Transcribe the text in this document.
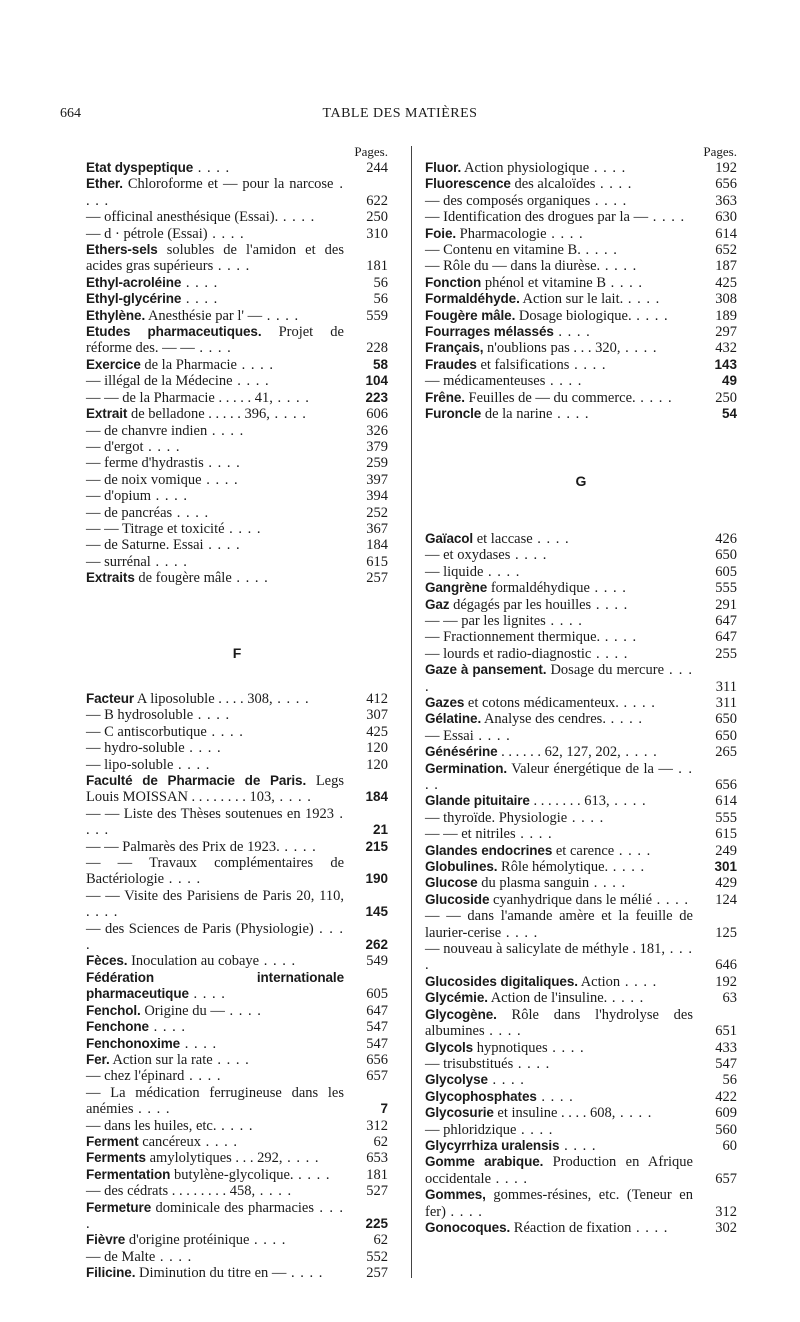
664	TABLE DES MATIÈRES
Pages.
Etat dyspeptique . . . .	244
Ether. Chloroforme et — pour la narcose . . . .	622
— officinal anesthésique (Essai). . . . .	250
— d · pétrole (Essai) . . . .	310
Ethers-sels solubles de l'amidon et des acides gras supérieurs . . . .	181
Ethyl-acroléine . . . .	56
Ethyl-glycérine . . . .	56
Ethylène. Anesthésie par l' — . . . .	559
Etudes pharmaceutiques. Projet de réforme des. — — . . . .	228
Exercice de la Pharmacie . . . .	58
— illégal de la Médecine . . . .	104
— — de la Pharmacie . . . . . 41, . . . .	223
Extrait de belladone . . . . . 396, . . . .	606
— de chanvre indien . . . .	326
— d'ergot . . . .	379
— ferme d'hydrastis . . . .	259
— de noix vomique . . . .	397
— d'opium . . . .	394
— de pancréas . . . .	252
— — Titrage et toxicité . . . .	367
— de Saturne. Essai . . . .	184
— surrénal . . . .	615
Extraits de fougère mâle . . . .	257
F
Facteur A liposoluble . . . . 308, . . . .	412
— B hydrosoluble . . . .	307
— C antiscorbutique . . . .	425
— hydro-soluble . . . .	120
— lipo-soluble . . . .	120
Faculté de Pharmacie de Paris. Legs Louis MOISSAN . . . . . . . . 103, . . . .	184
— — Liste des Thèses soutenues en 1923 . . . .	21
— — Palmarès des Prix de 1923. . . . .	215
— — Travaux complémentaires de Bactériologie . . . .	190
— — Visite des Parisiens de Paris 20, 110, . . . .	145
— des Sciences de Paris (Physiologie) . . . .	262
Fèces. Inoculation au cobaye . . . .	549
Fédération internationale pharmaceutique . . . .	605
Fenchol. Origine du — . . . .	647
Fenchone . . . .	547
Fenchonoxime . . . .	547
Fer. Action sur la rate . . . .	656
— chez l'épinard . . . .	657
— La médication ferrugineuse dans les anémies . . . .	7
— dans les huiles, etc. . . . .	312
Ferment cancéreux . . . .	62
Ferments amylolytiques . . . 292, . . . .	653
Fermentation butylène-glycolique. . . . .	181
— des cédrats . . . . . . . . 458, . . . .	527
Fermeture dominicale des pharmacies . . . .	225
Fièvre d'origine protéinique . . . .	62
— de Malte . . . .	552
Filicine. Diminution du titre en — . . . .	257
Pages.
Fluor. Action physiologique . . . .	192
Fluorescence des alcaloïdes . . . .	656
— des composés organiques . . . .	363
— Identification des drogues par la — . . . .	630
Foie. Pharmacologie . . . .	614
— Contenu en vitamine B. . . . .	652
— Rôle du — dans la diurèse. . . . .	187
Fonction phénol et vitamine B . . . .	425
Formaldéhyde. Action sur le lait. . . . .	308
Fougère mâle. Dosage biologique. . . . .	189
Fourrages mélassés . . . .	297
Français, n'oublions pas . . . 320, . . . .	432
Fraudes et falsifications . . . .	143
— médicamenteuses . . . .	49
Frêne. Feuilles de — du commerce. . . . .	250
Furoncle de la narine . . . .	54
G
Gaïacol et laccase . . . .	426
— et oxydases . . . .	650
— liquide . . . .	605
Gangrène formaldéhydique . . . .	555
Gaz dégagés par les houilles . . . .	291
— — par les lignites . . . .	647
— Fractionnement thermique. . . . .	647
— lourds et radio-diagnostic . . . .	255
Gaze à pansement. Dosage du mercure . . . .	311
Gazes et cotons médicamenteux. . . . .	311
Gélatine. Analyse des cendres. . . . .	650
— Essai . . . .	650
Génésérine . . . . . . 62, 127, 202, . . . .	265
Germination. Valeur énergétique de la — . . . .	656
Glande pituitaire . . . . . . . 613, . . . .	614
— thyroïde. Physiologie . . . .	555
— — et nitriles . . . .	615
Glandes endocrines et carence . . . .	249
Globulines. Rôle hémolytique. . . . .	301
Glucose du plasma sanguin . . . .	429
Glucoside cyanhydrique dans le mélié . . . .	124
— — dans l'amande amère et la feuille de laurier-cerise . . . .	125
— nouveau à salicylate de méthyle . 181, . . . .	646
Glucosides digitaliques. Action . . . .	192
Glycémie. Action de l'insuline. . . . .	63
Glycogène. Rôle dans l'hydrolyse des albumines . . . .	651
Glycols hypnotiques . . . .	433
— trisubstitués . . . .	547
Glycolyse . . . .	56
Glycophosphates . . . .	422
Glycosurie et insuline . . . . 608, . . . .	609
— phloridzique . . . .	560
Glycyrrhiza uralensis . . . .	60
Gomme arabique. Production en Afrique occidentale . . . .	657
Gommes, gommes-résines, etc. (Teneur en fer) . . . .	312
Gonocoques. Réaction de fixation . . . .	302
